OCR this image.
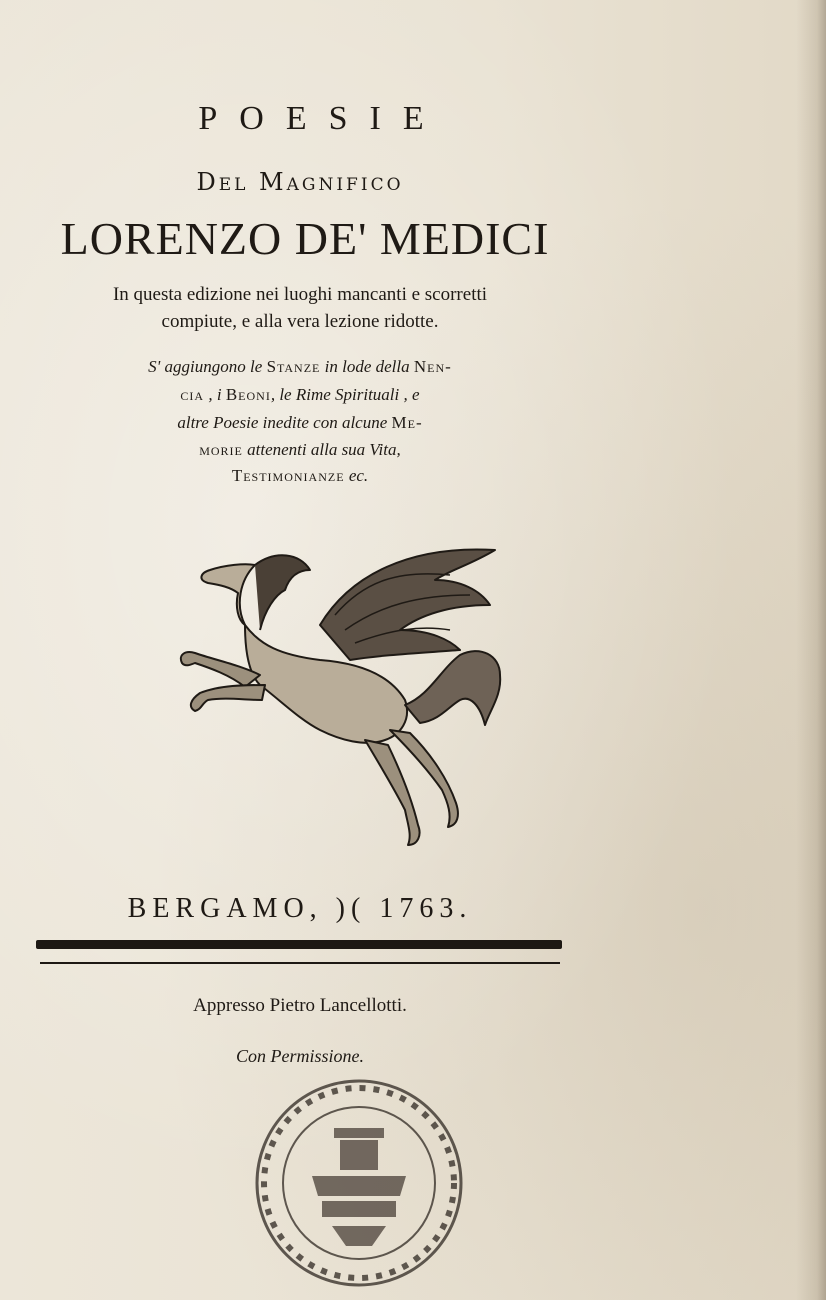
POESIE
Del Magnifico
LORENZO DE' MEDICI
In questa edizione nei luoghi mancanti e scorretti
compiute, e alla vera lezione ridotte.
S' aggiungono le Stanze in lode della Nen-
cia , i Beoni, le Rime Spirituali , e
altre Poesie inedite con alcune Me-
morie attenenti alla sua Vita,
Testimonianze ec.
BERGAMO, )( 1763.
Appresso Pietro Lancellotti.
Con Permissione.
